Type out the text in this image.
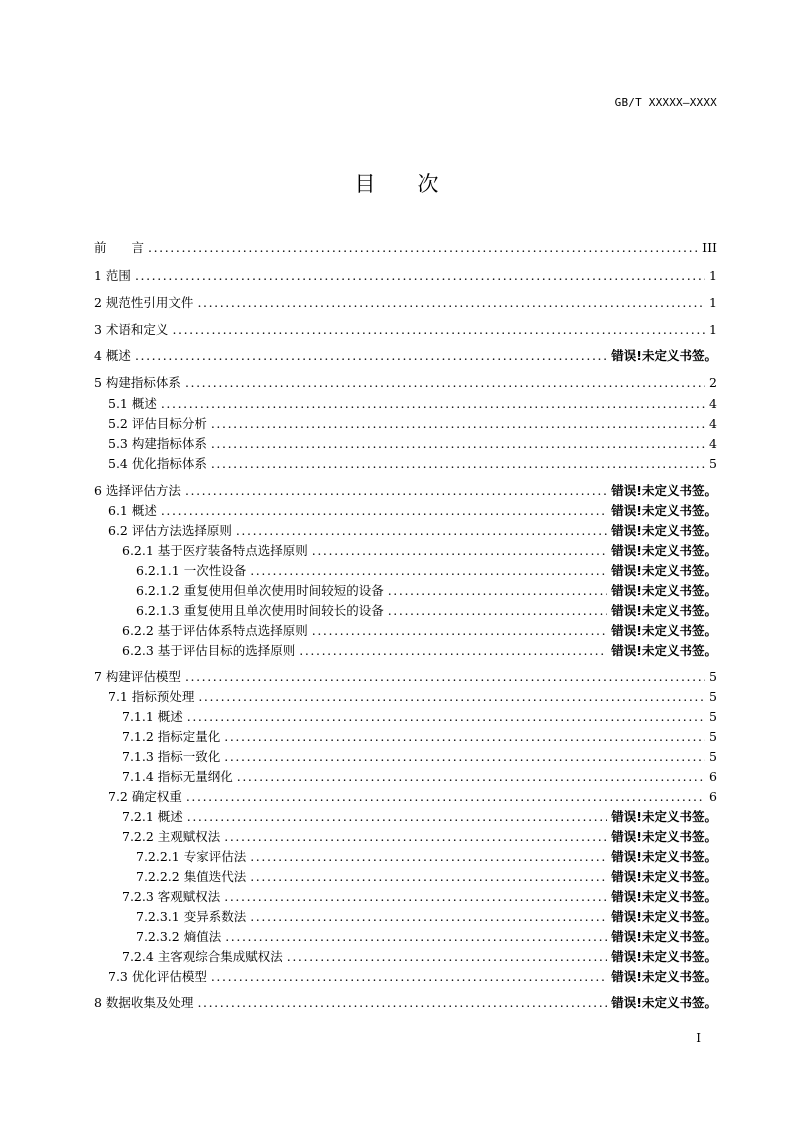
GB/T XXXXX—XXXX
目 次
前　　言 .....	III
1 范围 .....	1
2 规范性引用文件 .....	1
3 术语和定义 .....	1
4 概述 .....	错误!未定义书签。
5 构建指标体系 .....	2
5.1 概述 .....	4
5.2 评估目标分析 .....	4
5.3 构建指标体系 .....	4
5.4 优化指标体系 .....	5
6 选择评估方法 .....	错误!未定义书签。
6.1 概述 .....	错误!未定义书签。
6.2 评估方法选择原则 .....	错误!未定义书签。
6.2.1 基于医疗装备特点选择原则 .....	错误!未定义书签。
6.2.1.1 一次性设备 .....	错误!未定义书签。
6.2.1.2 重复使用但单次使用时间较短的设备 .....	错误!未定义书签。
6.2.1.3 重复使用且单次使用时间较长的设备 .....	错误!未定义书签。
6.2.2 基于评估体系特点选择原则 .....	错误!未定义书签。
6.2.3 基于评估目标的选择原则 .....	错误!未定义书签。
7 构建评估模型 .....	5
7.1 指标预处理 .....	5
7.1.1 概述 .....	5
7.1.2 指标定量化 .....	5
7.1.3 指标一致化 .....	5
7.1.4 指标无量纲化 .....	6
7.2 确定权重 .....	6
7.2.1 概述 .....	错误!未定义书签。
7.2.2 主观赋权法 .....	错误!未定义书签。
7.2.2.1 专家评估法 .....	错误!未定义书签。
7.2.2.2 集值迭代法 .....	错误!未定义书签。
7.2.3 客观赋权法 .....	错误!未定义书签。
7.2.3.1 变异系数法 .....	错误!未定义书签。
7.2.3.2 熵值法 .....	错误!未定义书签。
7.2.4 主客观综合集成赋权法 .....	错误!未定义书签。
7.3 优化评估模型 .....	错误!未定义书签。
8 数据收集及处理 .....	错误!未定义书签。
I
